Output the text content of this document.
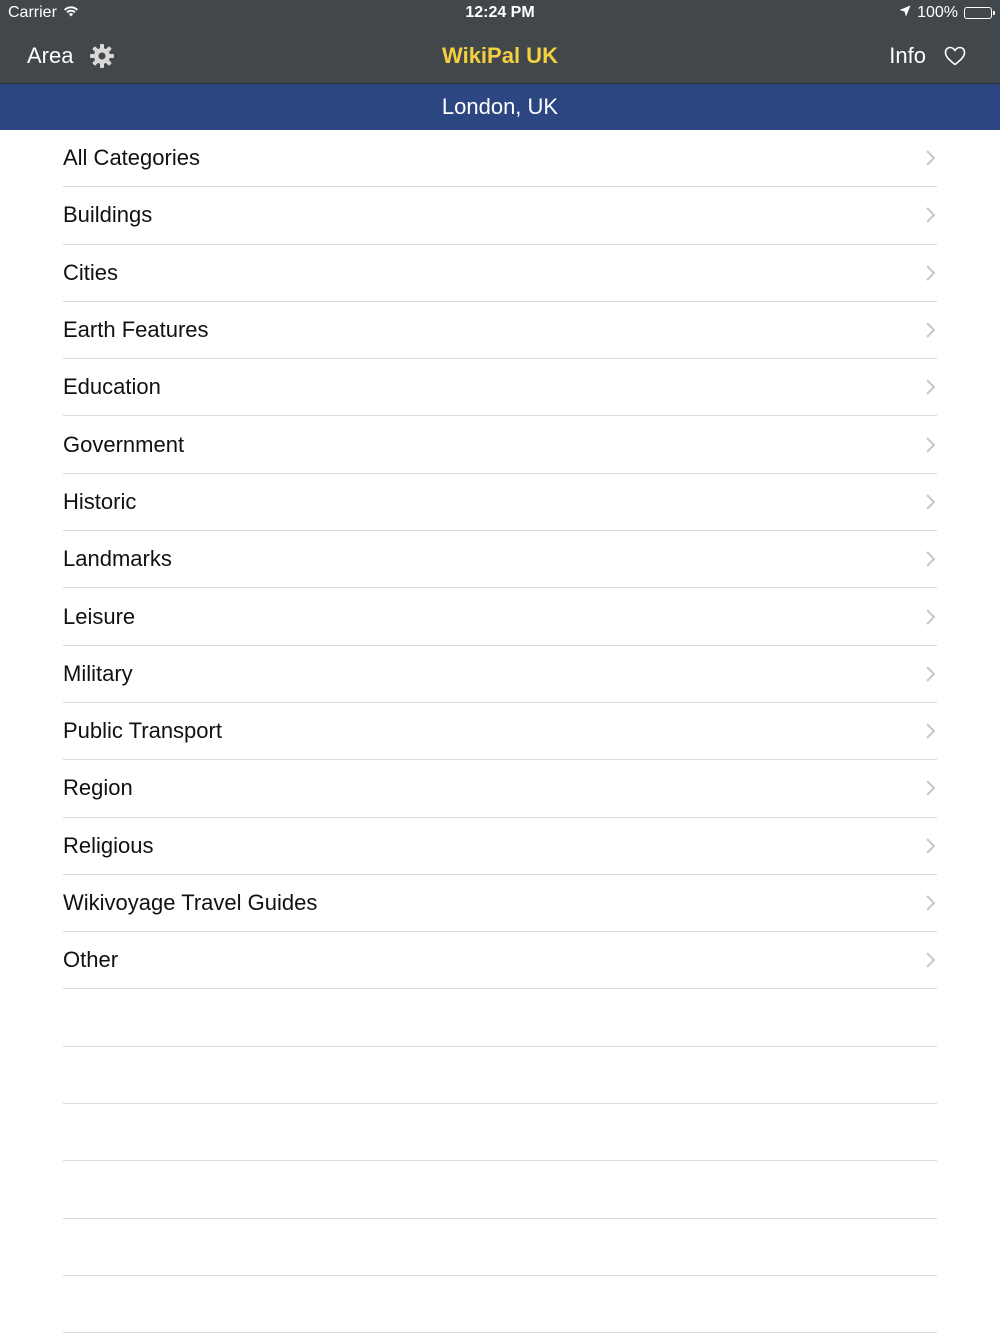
Carrier	12:24 PM	100%
Area	WikiPal UK	Info
London, UK
All Categories
Buildings
Cities
Earth Features
Education
Government
Historic
Landmarks
Leisure
Military
Public Transport
Region
Religious
Wikivoyage Travel Guides
Other
